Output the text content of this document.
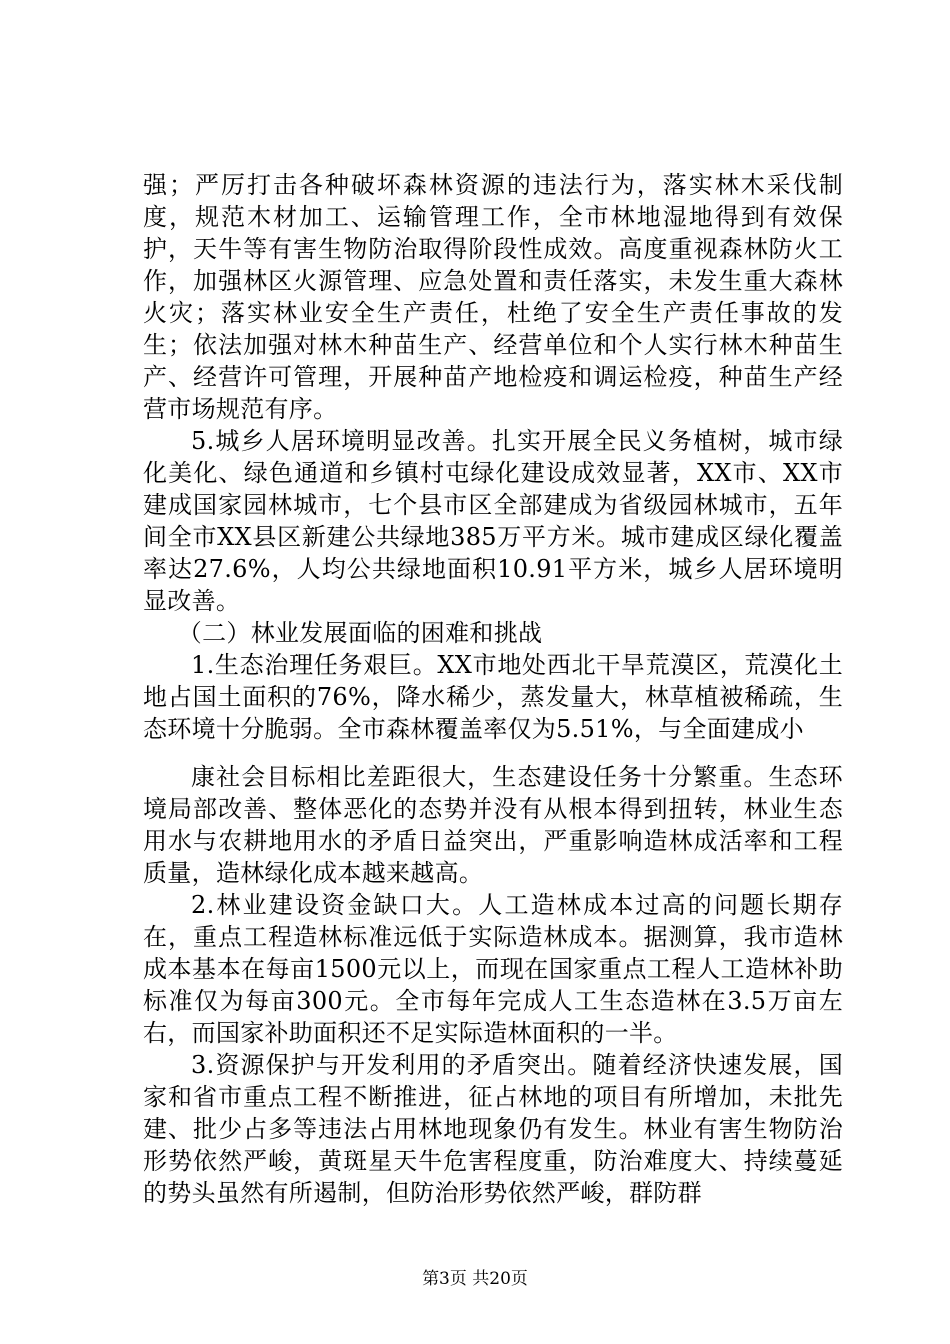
强；严厉打击各种破坏森林资源的违法行为，落实林木采伐制度，规范木材加工、运输管理工作，全市林地湿地得到有效保护，天牛等有害生物防治取得阶段性成效。高度重视森林防火工作，加强林区火源管理、应急处置和责任落实，未发生重大森林火灾；落实林业安全生产责任，杜绝了安全生产责任事故的发生；依法加强对林木种苗生产、经营单位和个人实行林木种苗生产、经营许可管理，开展种苗产地检疫和调运检疫，种苗生产经营市场规范有序。

5.城乡人居环境明显改善。扎实开展全民义务植树，城市绿化美化、绿色通道和乡镇村屯绿化建设成效显著，XX市、XX市建成国家园林城市，七个县市区全部建成为省级园林城市，五年间全市XX县区新建公共绿地385万平方米。城市建成区绿化覆盖率达27.6%，人均公共绿地面积10.91平方米，城乡人居环境明显改善。

（二）林业发展面临的困难和挑战

1.生态治理任务艰巨。XX市地处西北干旱荒漠区，荒漠化土地占国土面积的76%，降水稀少，蒸发量大，林草植被稀疏，生态环境十分脆弱。全市森林覆盖率仅为5.51%，与全面建成小

康社会目标相比差距很大，生态建设任务十分繁重。生态环境局部改善、整体恶化的态势并没有从根本得到扭转，林业生态用水与农耕地用水的矛盾日益突出，严重影响造林成活率和工程质量，造林绿化成本越来越高。

2.林业建设资金缺口大。人工造林成本过高的问题长期存在，重点工程造林标准远低于实际造林成本。据测算，我市造林成本基本在每亩1500元以上，而现在国家重点工程人工造林补助标准仅为每亩300元。全市每年完成人工生态造林在3.5万亩左右，而国家补助面积还不足实际造林面积的一半。

3.资源保护与开发利用的矛盾突出。随着经济快速发展，国家和省市重点工程不断推进，征占林地的项目有所增加，未批先建、批少占多等违法占用林地现象仍有发生。林业有害生物防治形势依然严峻，黄斑星天牛危害程度重，防治难度大、持续蔓延的势头虽然有所遏制，但防治形势依然严峻，群防群

第3页 共20页
